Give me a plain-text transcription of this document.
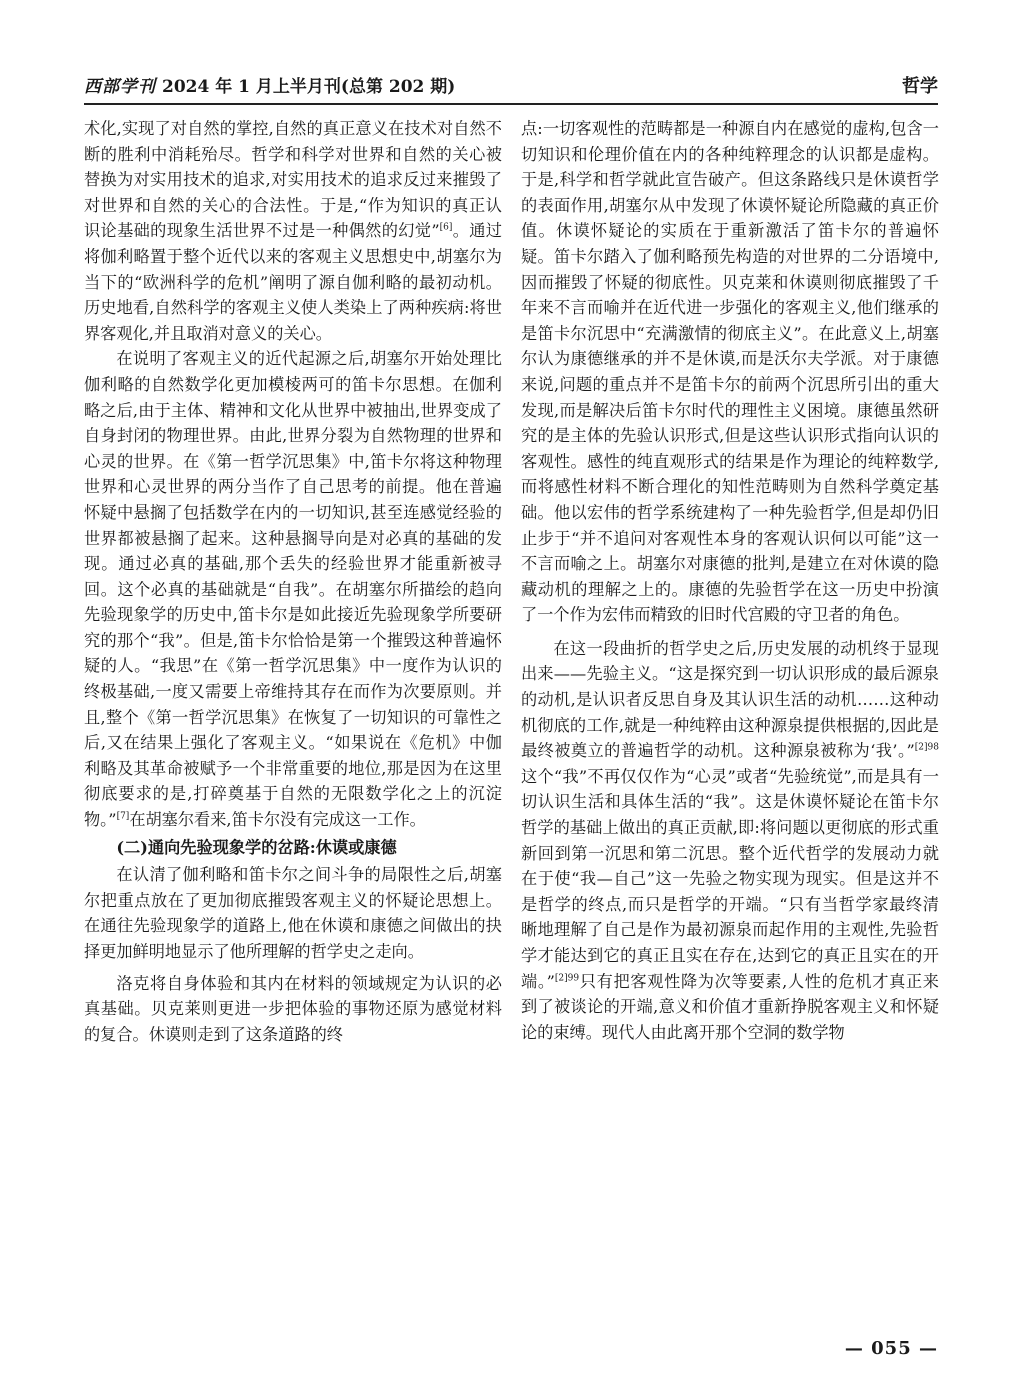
西部学刊 2024 年 1 月上半月刊(总第 202 期)	哲学

术化,实现了对自然的掌控,自然的真正意义在技术对自然不断的胜利中消耗殆尽。哲学和科学对世界和自然的关心被替换为对实用技术的追求,对实用技术的追求反过来摧毁了对世界和自然的关心的合法性。于是,“作为知识的真正认识论基础的现象生活世界不过是一种偶然的幻觉”[6]。通过将伽利略置于整个近代以来的客观主义思想史中,胡塞尔为当下的“欧洲科学的危机”阐明了源自伽利略的最初动机。历史地看,自然科学的客观主义使人类染上了两种疾病:将世界客观化,并且取消对意义的关心。

在说明了客观主义的近代起源之后,胡塞尔开始处理比伽利略的自然数学化更加模棱两可的笛卡尔思想。在伽利略之后,由于主体、精神和文化从世界中被抽出,世界变成了自身封闭的物理世界。由此,世界分裂为自然物理的世界和心灵的世界。在《第一哲学沉思集》中,笛卡尔将这种物理世界和心灵世界的两分当作了自己思考的前提。他在普遍怀疑中悬搁了包括数学在内的一切知识,甚至连感觉经验的世界都被悬搁了起来。这种悬搁导向是对必真的基础的发现。通过必真的基础,那个丢失的经验世界才能重新被寻回。这个必真的基础就是“自我”。在胡塞尔所描绘的趋向先验现象学的历史中,笛卡尔是如此接近先验现象学所要研究的那个“我”。但是,笛卡尔恰恰是第一个摧毁这种普遍怀疑的人。“我思”在《第一哲学沉思集》中一度作为认识的终极基础,一度又需要上帝维持其存在而作为次要原则。并且,整个《第一哲学沉思集》在恢复了一切知识的可靠性之后,又在结果上强化了客观主义。“如果说在《危机》中伽利略及其革命被赋予一个非常重要的地位,那是因为在这里彻底要求的是,打碎奠基于自然的无限数学化之上的沉淀物。”[7]在胡塞尔看来,笛卡尔没有完成这一工作。

(二)通向先验现象学的岔路:休谟或康德

在认清了伽利略和笛卡尔之间斗争的局限性之后,胡塞尔把重点放在了更加彻底摧毁客观主义的怀疑论思想上。在通往先验现象学的道路上,他在休谟和康德之间做出的抉择更加鲜明地显示了他所理解的哲学史之走向。

洛克将自身体验和其内在材料的领域规定为认识的必真基础。贝克莱则更进一步把体验的事物还原为感觉材料的复合。休谟则走到了这条道路的终

点:一切客观性的范畴都是一种源自内在感觉的虚构,包含一切知识和伦理价值在内的各种纯粹理念的认识都是虚构。于是,科学和哲学就此宣告破产。但这条路线只是休谟哲学的表面作用,胡塞尔从中发现了休谟怀疑论所隐藏的真正价值。休谟怀疑论的实质在于重新激活了笛卡尔的普遍怀疑。笛卡尔踏入了伽利略预先构造的对世界的二分语境中,因而摧毁了怀疑的彻底性。贝克莱和休谟则彻底摧毁了千年来不言而喻并在近代进一步强化的客观主义,他们继承的是笛卡尔沉思中“充满激情的彻底主义”。在此意义上,胡塞尔认为康德继承的并不是休谟,而是沃尔夫学派。对于康德来说,问题的重点并不是笛卡尔的前两个沉思所引出的重大发现,而是解决后笛卡尔时代的理性主义困境。康德虽然研究的是主体的先验认识形式,但是这些认识形式指向认识的客观性。感性的纯直观形式的结果是作为理论的纯粹数学,而将感性材料不断合理化的知性范畴则为自然科学奠定基础。他以宏伟的哲学系统建构了一种先验哲学,但是却仍旧止步于“并不追问对客观性本身的客观认识何以可能”这一不言而喻之上。胡塞尔对康德的批判,是建立在对休谟的隐藏动机的理解之上的。康德的先验哲学在这一历史中扮演了一个作为宏伟而精致的旧时代宫殿的守卫者的角色。

在这一段曲折的哲学史之后,历史发展的动机终于显现出来——先验主义。“这是探究到一切认识形成的最后源泉的动机,是认识者反思自身及其认识生活的动机……这种动机彻底的工作,就是一种纯粹由这种源泉提供根据的,因此是最终被奠立的普遍哲学的动机。这种源泉被称为‘我’。”$^{[2]98}$这个“我”不再仅仅作为“心灵”或者“先验统觉”,而是具有一切认识生活和具体生活的“我”。这是休谟怀疑论在笛卡尔哲学的基础上做出的真正贡献,即:将问题以更彻底的形式重新回到第一沉思和第二沉思。整个近代哲学的发展动力就在于使“我—自己”这一先验之物实现为现实。但是这并不是哲学的终点,而只是哲学的开端。“只有当哲学家最终清晰地理解了自己是作为最初源泉而起作用的主观性,先验哲学才能达到它的真正且实在存在,达到它的真正且实在的开端。”$^{[2]99}$只有把客观性降为次等要素,人性的危机才真正来到了被谈论的开端,意义和价值才重新挣脱客观主义和怀疑论的束缚。现代人由此离开那个空洞的数学物

— 055 —
